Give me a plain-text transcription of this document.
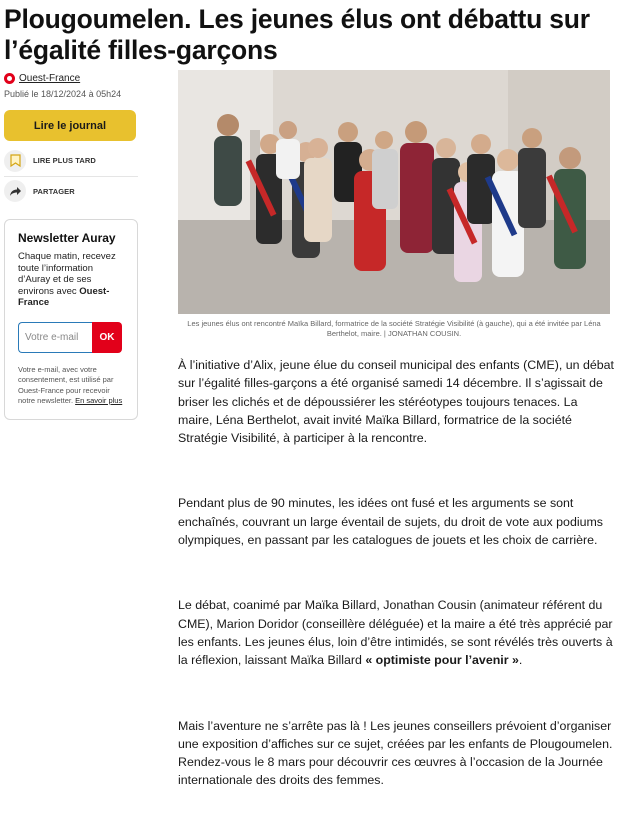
Plougoumelen. Les jeunes élus ont débattu sur l’égalité filles-garçons
Ouest-France
Publié le 18/12/2024 à 05h24
Lire le journal
LIRE PLUS TARD
PARTAGER
Newsletter Auray
Chaque matin, recevez toute l’information d’Auray et de ses environs avec Ouest-France
Votre e-mail
OK
Votre e-mail, avec votre consentement, est utilisé par Ouest-France pour recevoir notre newsletter. En savoir plus
Les jeunes élus ont rencontré Maïka Billard, formatrice de la société Stratégie Visibilité (à gauche), qui a été invitée par Léna Berthelot, maire. | JONATHAN COUSIN.

À l’initiative d’Alix, jeune élue du conseil municipal des enfants (CME), un débat sur l’égalité filles-garçons a été organisé samedi 14 décembre. Il s’agissait de briser les clichés et de dépoussiérer les stéréotypes toujours tenaces. La maire, Léna Berthelot, avait invité Maïka Billard, formatrice de la société Stratégie Visibilité, à participer à la rencontre.

Pendant plus de 90 minutes, les idées ont fusé et les arguments se sont enchaînés, couvrant un large éventail de sujets, du droit de vote aux podiums olympiques, en passant par les catalogues de jouets et les choix de carrière.

Le débat, coanimé par Maïka Billard, Jonathan Cousin (animateur référent du CME), Marion Doridor (conseillère déléguée) et la maire a été très apprécié par les enfants. Les jeunes élus, loin d’être intimidés, se sont révélés très ouverts à la réflexion, laissant Maïka Billard « optimiste pour l’avenir ».

Mais l’aventure ne s’arrête pas là ! Les jeunes conseillers prévoient d’organiser une exposition d’affiches sur ce sujet, créées par les enfants de Plougoumelen. Rendez-vous le 8 mars pour découvrir ces œuvres à l’occasion de la Journée internationale des droits des femmes.
